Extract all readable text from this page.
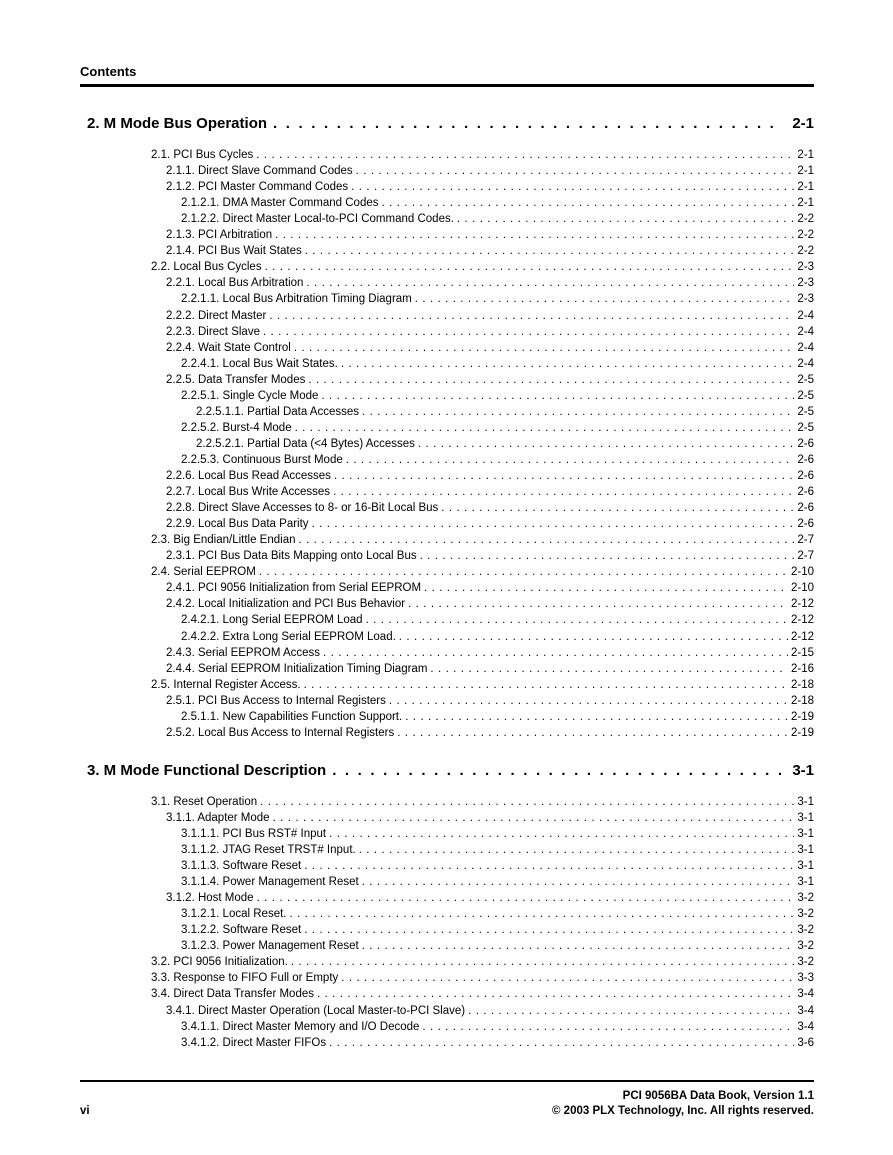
Contents
2. M Mode Bus Operation . . .	2-1
2.1. PCI Bus Cycles . . .	2-1
2.1.1. Direct Slave Command Codes . . .	2-1
2.1.2. PCI Master Command Codes . . .	2-1
2.1.2.1. DMA Master Command Codes . . .	2-1
2.1.2.2. Direct Master Local-to-PCI Command Codes. . . .	2-2
2.1.3. PCI Arbitration . . .	2-2
2.1.4. PCI Bus Wait States . . .	2-2
2.2. Local Bus Cycles . . .	2-3
2.2.1. Local Bus Arbitration . . .	2-3
2.2.1.1. Local Bus Arbitration Timing Diagram . . .	2-3
2.2.2. Direct Master . . .	2-4
2.2.3. Direct Slave . . .	2-4
2.2.4. Wait State Control . . .	2-4
2.2.4.1. Local Bus Wait States. . . .	2-4
2.2.5. Data Transfer Modes . . .	2-5
2.2.5.1. Single Cycle Mode . . .	2-5
2.2.5.1.1. Partial Data Accesses . . .	2-5
2.2.5.2. Burst-4 Mode . . .	2-5
2.2.5.2.1. Partial Data (<4 Bytes) Accesses . . .	2-6
2.2.5.3. Continuous Burst Mode . . .	2-6
2.2.6. Local Bus Read Accesses . . .	2-6
2.2.7. Local Bus Write Accesses . . .	2-6
2.2.8. Direct Slave Accesses to 8- or 16-Bit Local Bus . . .	2-6
2.2.9. Local Bus Data Parity . . .	2-6
2.3. Big Endian/Little Endian . . .	2-7
2.3.1. PCI Bus Data Bits Mapping onto Local Bus . . .	2-7
2.4. Serial EEPROM . . .	2-10
2.4.1. PCI 9056 Initialization from Serial EEPROM . . .	2-10
2.4.2. Local Initialization and PCI Bus Behavior . . .	2-12
2.4.2.1. Long Serial EEPROM Load . . .	2-12
2.4.2.2. Extra Long Serial EEPROM Load. . . .	2-12
2.4.3. Serial EEPROM Access . . .	2-15
2.4.4. Serial EEPROM Initialization Timing Diagram . . .	2-16
2.5. Internal Register Access. . . .	2-18
2.5.1. PCI Bus Access to Internal Registers . . .	2-18
2.5.1.1. New Capabilities Function Support. . . .	2-19
2.5.2. Local Bus Access to Internal Registers . . .	2-19
3. M Mode Functional Description . . .	3-1
3.1. Reset Operation . . .	3-1
3.1.1. Adapter Mode . . .	3-1
3.1.1.1. PCI Bus RST# Input . . .	3-1
3.1.1.2. JTAG Reset TRST# Input. . . .	3-1
3.1.1.3. Software Reset . . .	3-1
3.1.1.4. Power Management Reset . . .	3-1
3.1.2. Host Mode . . .	3-2
3.1.2.1. Local Reset. . . .	3-2
3.1.2.2. Software Reset . . .	3-2
3.1.2.3. Power Management Reset . . .	3-2
3.2. PCI 9056 Initialization. . . .	3-2
3.3. Response to FIFO Full or Empty . . .	3-3
3.4. Direct Data Transfer Modes . . .	3-4
3.4.1. Direct Master Operation (Local Master-to-PCI Slave) . . .	3-4
3.4.1.1. Direct Master Memory and I/O Decode . . .	3-4
3.4.1.2. Direct Master FIFOs . . .	3-6
PCI 9056BA Data Book, Version 1.1
© 2003 PLX Technology, Inc. All rights reserved.
vi
